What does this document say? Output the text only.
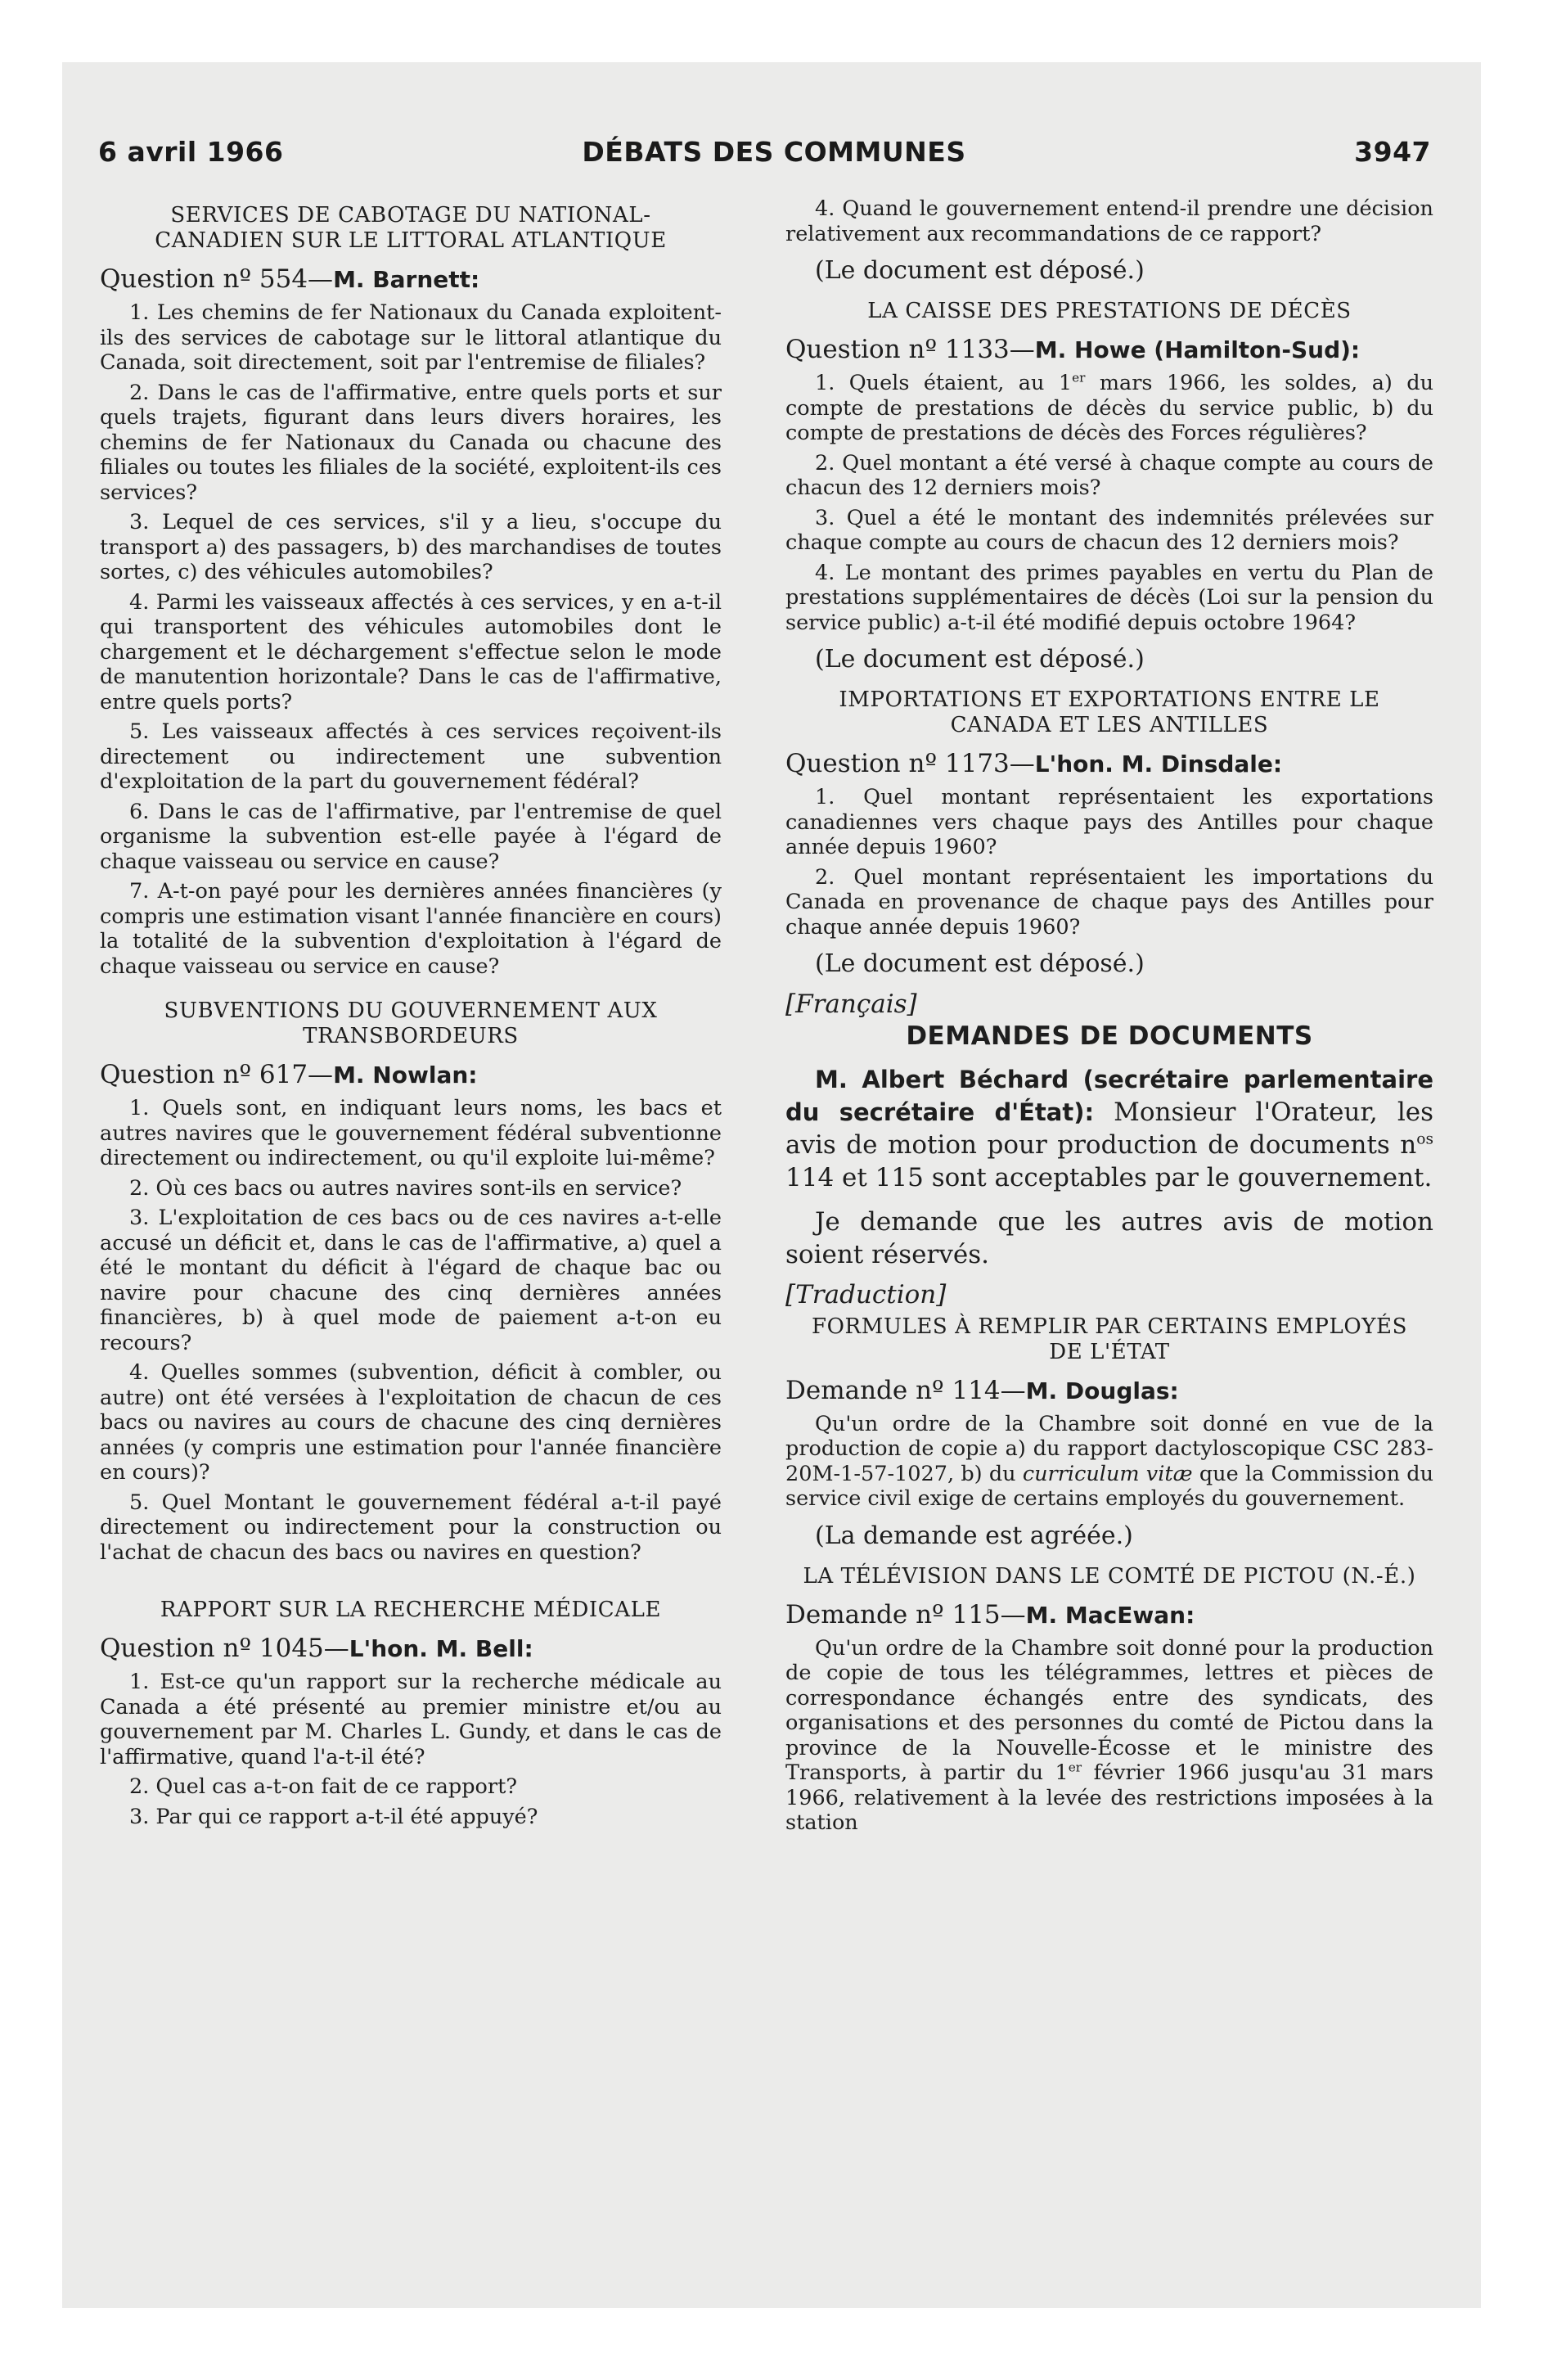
6 avril 1966	DÉBATS DES COMMUNES	3947
SERVICES DE CABOTAGE DU NATIONAL-CANADIEN SUR LE LITTORAL ATLANTIQUE
Question nº 554—M. Barnett:

1. Les chemins de fer Nationaux du Canada exploitent-ils des services de cabotage sur le littoral atlantique du Canada, soit directement, soit par l'entremise de filiales?

2. Dans le cas de l'affirmative, entre quels ports et sur quels trajets, figurant dans leurs divers horaires, les chemins de fer Nationaux du Canada ou chacune des filiales ou toutes les filiales de la société, exploitent-ils ces services?

3. Lequel de ces services, s'il y a lieu, s'occupe du transport a) des passagers, b) des marchandises de toutes sortes, c) des véhicules automobiles?

4. Parmi les vaisseaux affectés à ces services, y en a-t-il qui transportent des véhicules automobiles dont le chargement et le déchargement s'effectue selon le mode de manutention horizontale? Dans le cas de l'affirmative, entre quels ports?

5. Les vaisseaux affectés à ces services reçoivent-ils directement ou indirectement une subvention d'exploitation de la part du gouvernement fédéral?

6. Dans le cas de l'affirmative, par l'entremise de quel organisme la subvention est-elle payée à l'égard de chaque vaisseau ou service en cause?

7. A-t-on payé pour les dernières années financières (y compris une estimation visant l'année financière en cours) la totalité de la subvention d'exploitation à l'égard de chaque vaisseau ou service en cause?

SUBVENTIONS DU GOUVERNEMENT AUX TRANSBORDEURS
Question nº 617—M. Nowlan:

1. Quels sont, en indiquant leurs noms, les bacs et autres navires que le gouvernement fédéral subventionne directement ou indirectement, ou qu'il exploite lui-même?

2. Où ces bacs ou autres navires sont-ils en service?

3. L'exploitation de ces bacs ou de ces navires a-t-elle accusé un déficit et, dans le cas de l'affirmative, a) quel a été le montant du déficit à l'égard de chaque bac ou navire pour chacune des cinq dernières années financières, b) à quel mode de paiement a-t-on eu recours?

4. Quelles sommes (subvention, déficit à combler, ou autre) ont été versées à l'exploitation de chacun de ces bacs ou navires au cours de chacune des cinq dernières années (y compris une estimation pour l'année financière en cours)?

5. Quel Montant le gouvernement fédéral a-t-il payé directement ou indirectement pour la construction ou l'achat de chacun des bacs ou navires en question?

RAPPORT SUR LA RECHERCHE MÉDICALE
Question nº 1045—L'hon. M. Bell:

1. Est-ce qu'un rapport sur la recherche médicale au Canada a été présenté au premier ministre et/ou au gouvernement par M. Charles L. Gundy, et dans le cas de l'affirmative, quand l'a-t-il été?

2. Quel cas a-t-on fait de ce rapport?

3. Par qui ce rapport a-t-il été appuyé?

4. Quand le gouvernement entend-il prendre une décision relativement aux recommandations de ce rapport?

(Le document est déposé.)

LA CAISSE DES PRESTATIONS DE DÉCÈS
Question nº 1133—M. Howe (Hamilton-Sud):

1. Quels étaient, au 1er mars 1966, les soldes, a) du compte de prestations de décès du service public, b) du compte de prestations de décès des Forces régulières?

2. Quel montant a été versé à chaque compte au cours de chacun des 12 derniers mois?

3. Quel a été le montant des indemnités prélevées sur chaque compte au cours de chacun des 12 derniers mois?

4. Le montant des primes payables en vertu du Plan de prestations supplémentaires de décès (Loi sur la pension du service public) a-t-il été modifié depuis octobre 1964?

(Le document est déposé.)

IMPORTATIONS ET EXPORTATIONS ENTRE LE CANADA ET LES ANTILLES
Question nº 1173—L'hon. M. Dinsdale:

1. Quel montant représentaient les exportations canadiennes vers chaque pays des Antilles pour chaque année depuis 1960?

2. Quel montant représentaient les importations du Canada en provenance de chaque pays des Antilles pour chaque année depuis 1960?

(Le document est déposé.)

[Français]
DEMANDES DE DOCUMENTS

M. Albert Béchard (secrétaire parlementaire du secrétaire d'État): Monsieur l'Orateur, les avis de motion pour production de documents $n^{os}$ 114 et 115 sont acceptables par le gouvernement.

Je demande que les autres avis de motion soient réservés.

[Traduction]
FORMULES À REMPLIR PAR CERTAINS EMPLOYÉS DE L'ÉTAT
Demande nº 114—M. Douglas:

Qu'un ordre de la Chambre soit donné en vue de la production de copie a) du rapport dactyloscopique CSC 283-20M-1-57-1027, b) du curriculum vitæ que la Commission du service civil exige de certains employés du gouvernement.

(La demande est agréée.)

LA TÉLÉVISION DANS LE COMTÉ DE PICTOU (N.-É.)
Demande nº 115—M. MacEwan:

Qu'un ordre de la Chambre soit donné pour la production de copie de tous les télégrammes, lettres et pièces de correspondance échangés entre des syndicats, des organisations et des personnes du comté de Pictou dans la province de la Nouvelle-Écosse et le ministre des Transports, à partir du 1er février 1966 jusqu'au 31 mars 1966, relativement à la levée des restrictions imposées à la station
